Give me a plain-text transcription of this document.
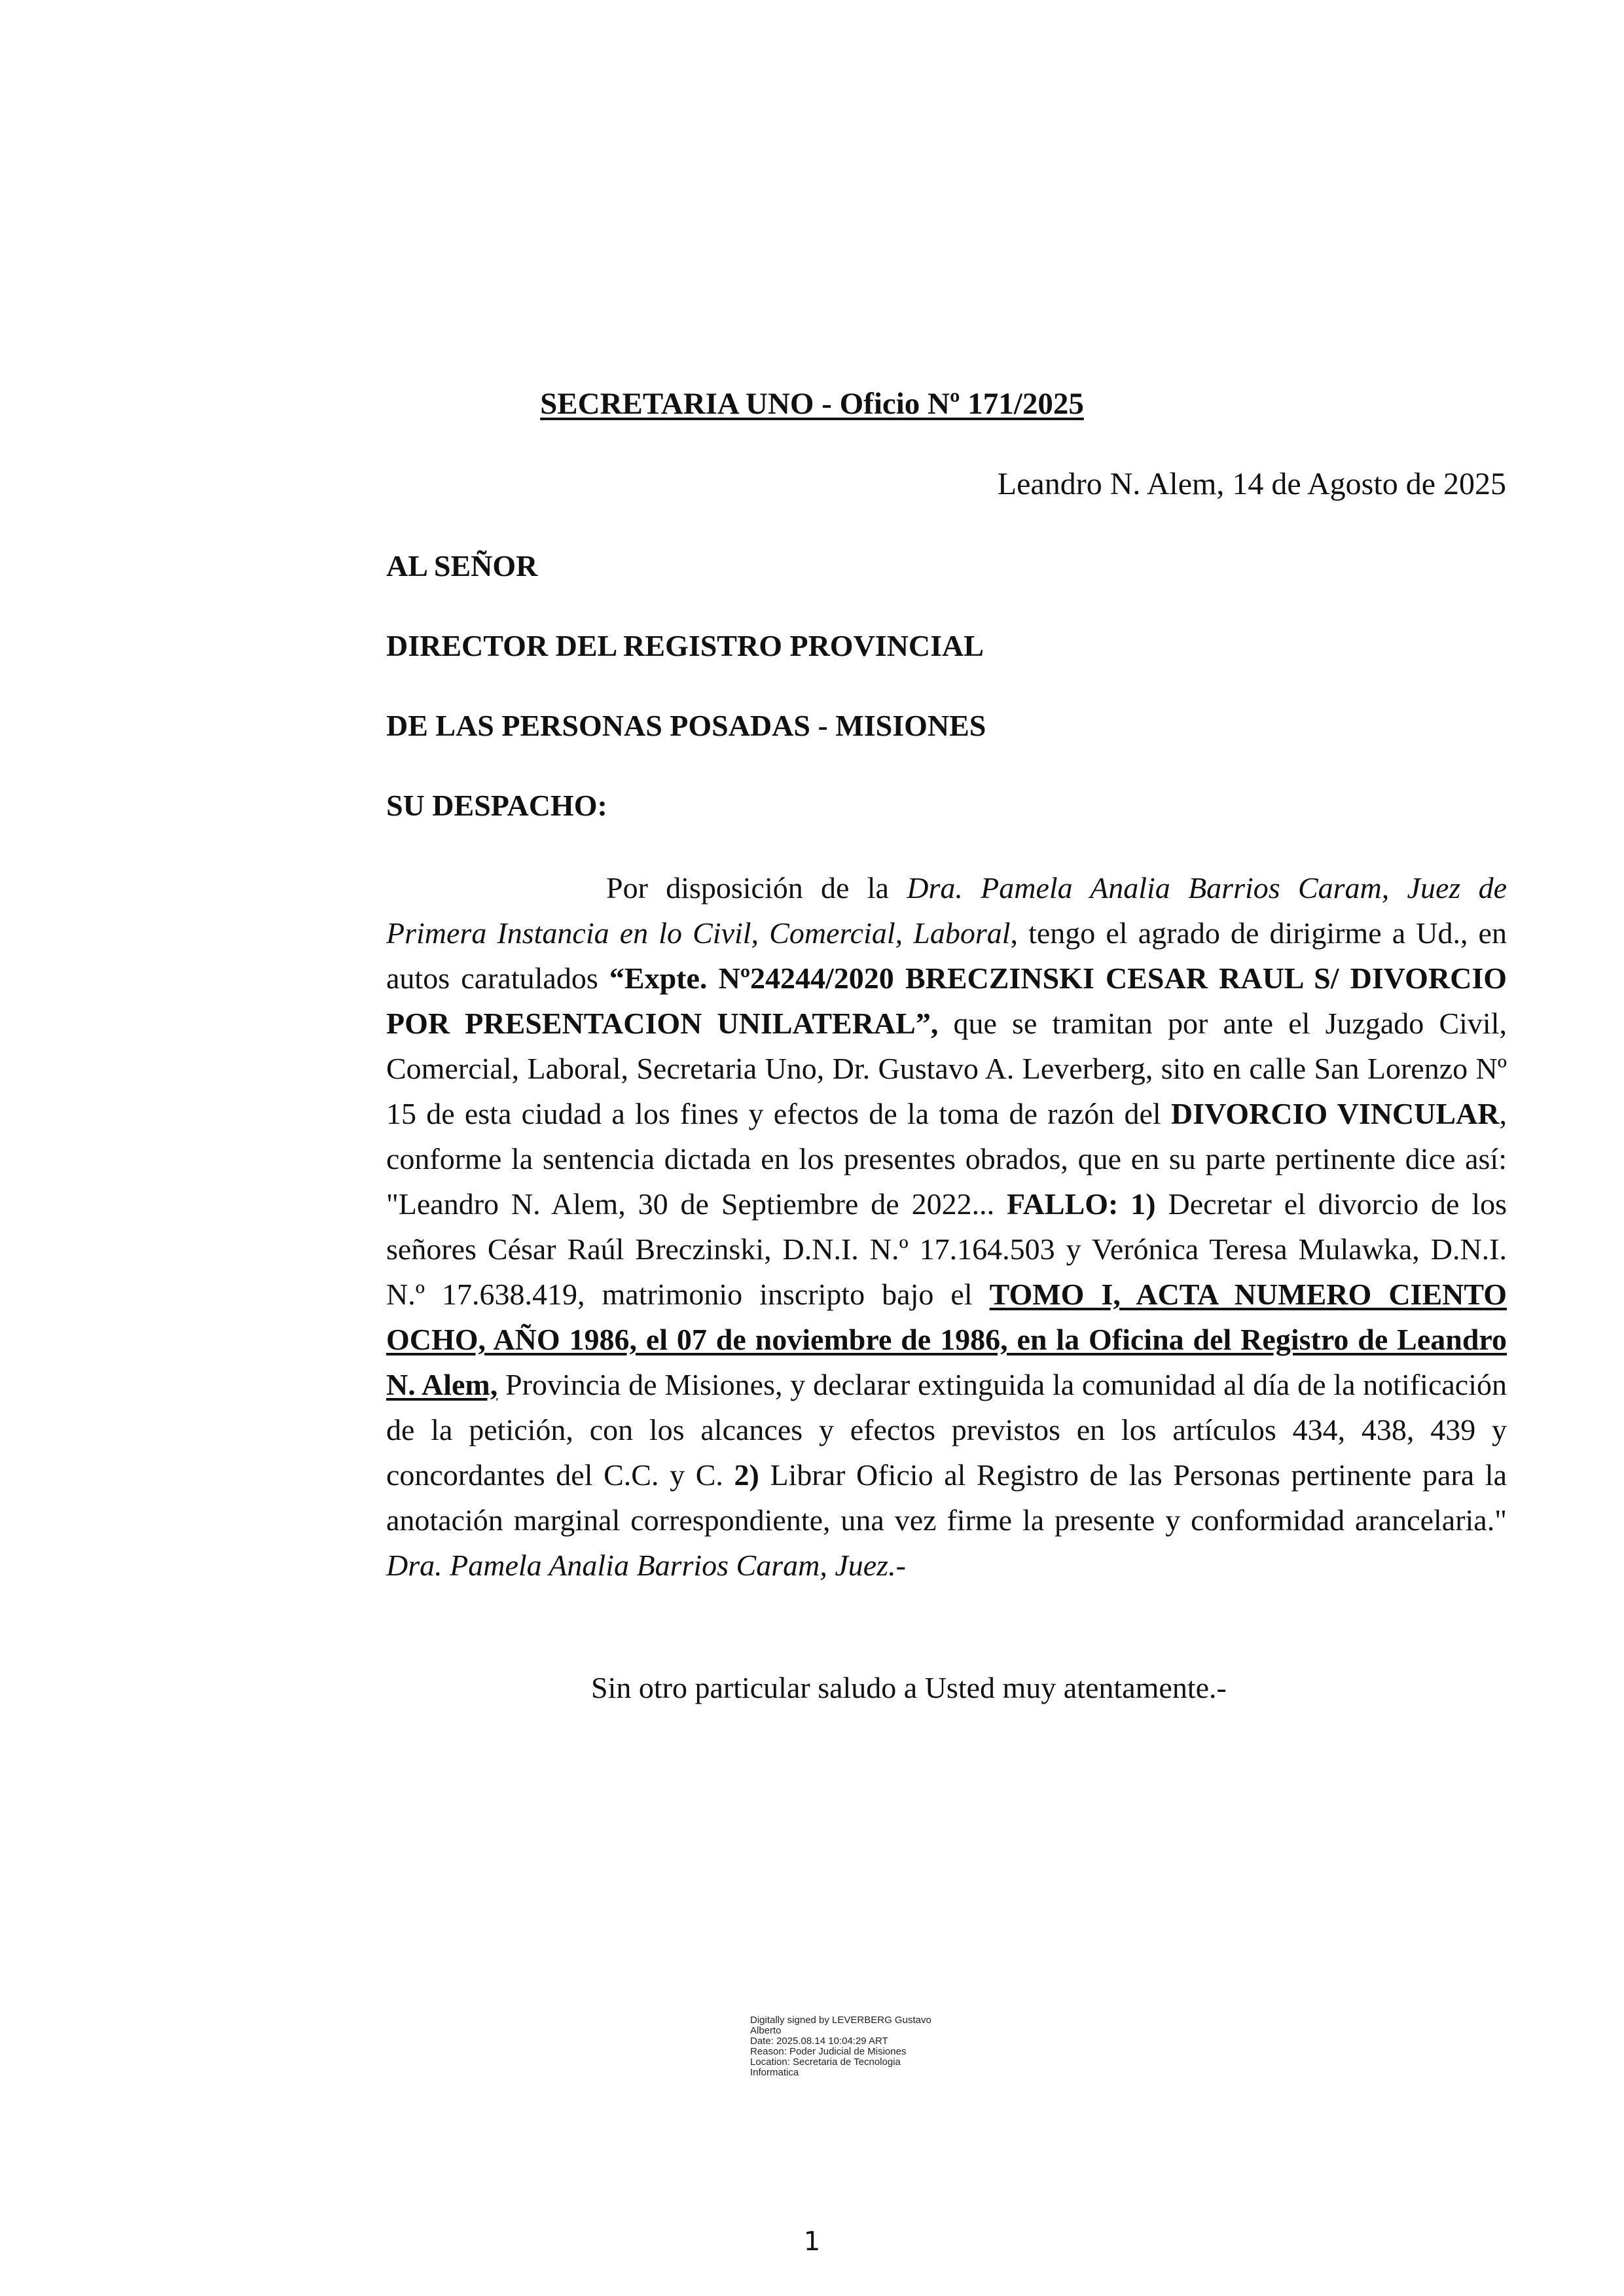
SECRETARIA UNO - Oficio Nº 171/2025
Leandro N. Alem, 14 de Agosto de 2025
AL SEÑOR
DIRECTOR DEL REGISTRO PROVINCIAL
DE LAS PERSONAS POSADAS - MISIONES
SU DESPACHO:
Por disposición de la Dra. Pamela Analia Barrios Caram, Juez de Primera Instancia en lo Civil, Comercial, Laboral, tengo el agrado de dirigirme a Ud., en autos caratulados “Expte. Nº24244/2020 BRECZINSKI CESAR RAUL S/ DIVORCIO POR PRESENTACION UNILATERAL”, que se tramitan por ante el Juzgado Civil, Comercial, Laboral, Secretaria Uno, Dr. Gustavo A. Leverberg, sito en calle San Lorenzo Nº 15 de esta ciudad a los fines y efectos de la toma de razón del DIVORCIO VINCULAR, conforme la sentencia dictada en los presentes obrados, que en su parte pertinente dice así: "Leandro N. Alem, 30 de Septiembre de 2022... FALLO: 1) Decretar el divorcio de los señores César Raúl Breczinski, D.N.I. N.º 17.164.503 y Verónica Teresa Mulawka, D.N.I. N.º 17.638.419, matrimonio inscripto bajo el TOMO I, ACTA NUMERO CIENTO OCHO, AÑO 1986, el 07 de noviembre de 1986, en la Oficina del Registro de Leandro N. Alem, Provincia de Misiones, y declarar extinguida la comunidad al día de la notificación de la petición, con los alcances y efectos previstos en los artículos 434, 438, 439 y concordantes del C.C. y C. 2) Librar Oficio al Registro de las Personas pertinente para la anotación marginal correspondiente, una vez firme la presente y conformidad arancelaria." Dra. Pamela Analia Barrios Caram, Juez.-
Sin otro particular saludo a Usted muy atentamente.-
Digitally signed by LEVERBERG Gustavo
Alberto
Date: 2025.08.14 10:04:29 ART
Reason: Poder Judicial de Misiones
Location: Secretaria de Tecnologia
Informatica
1
